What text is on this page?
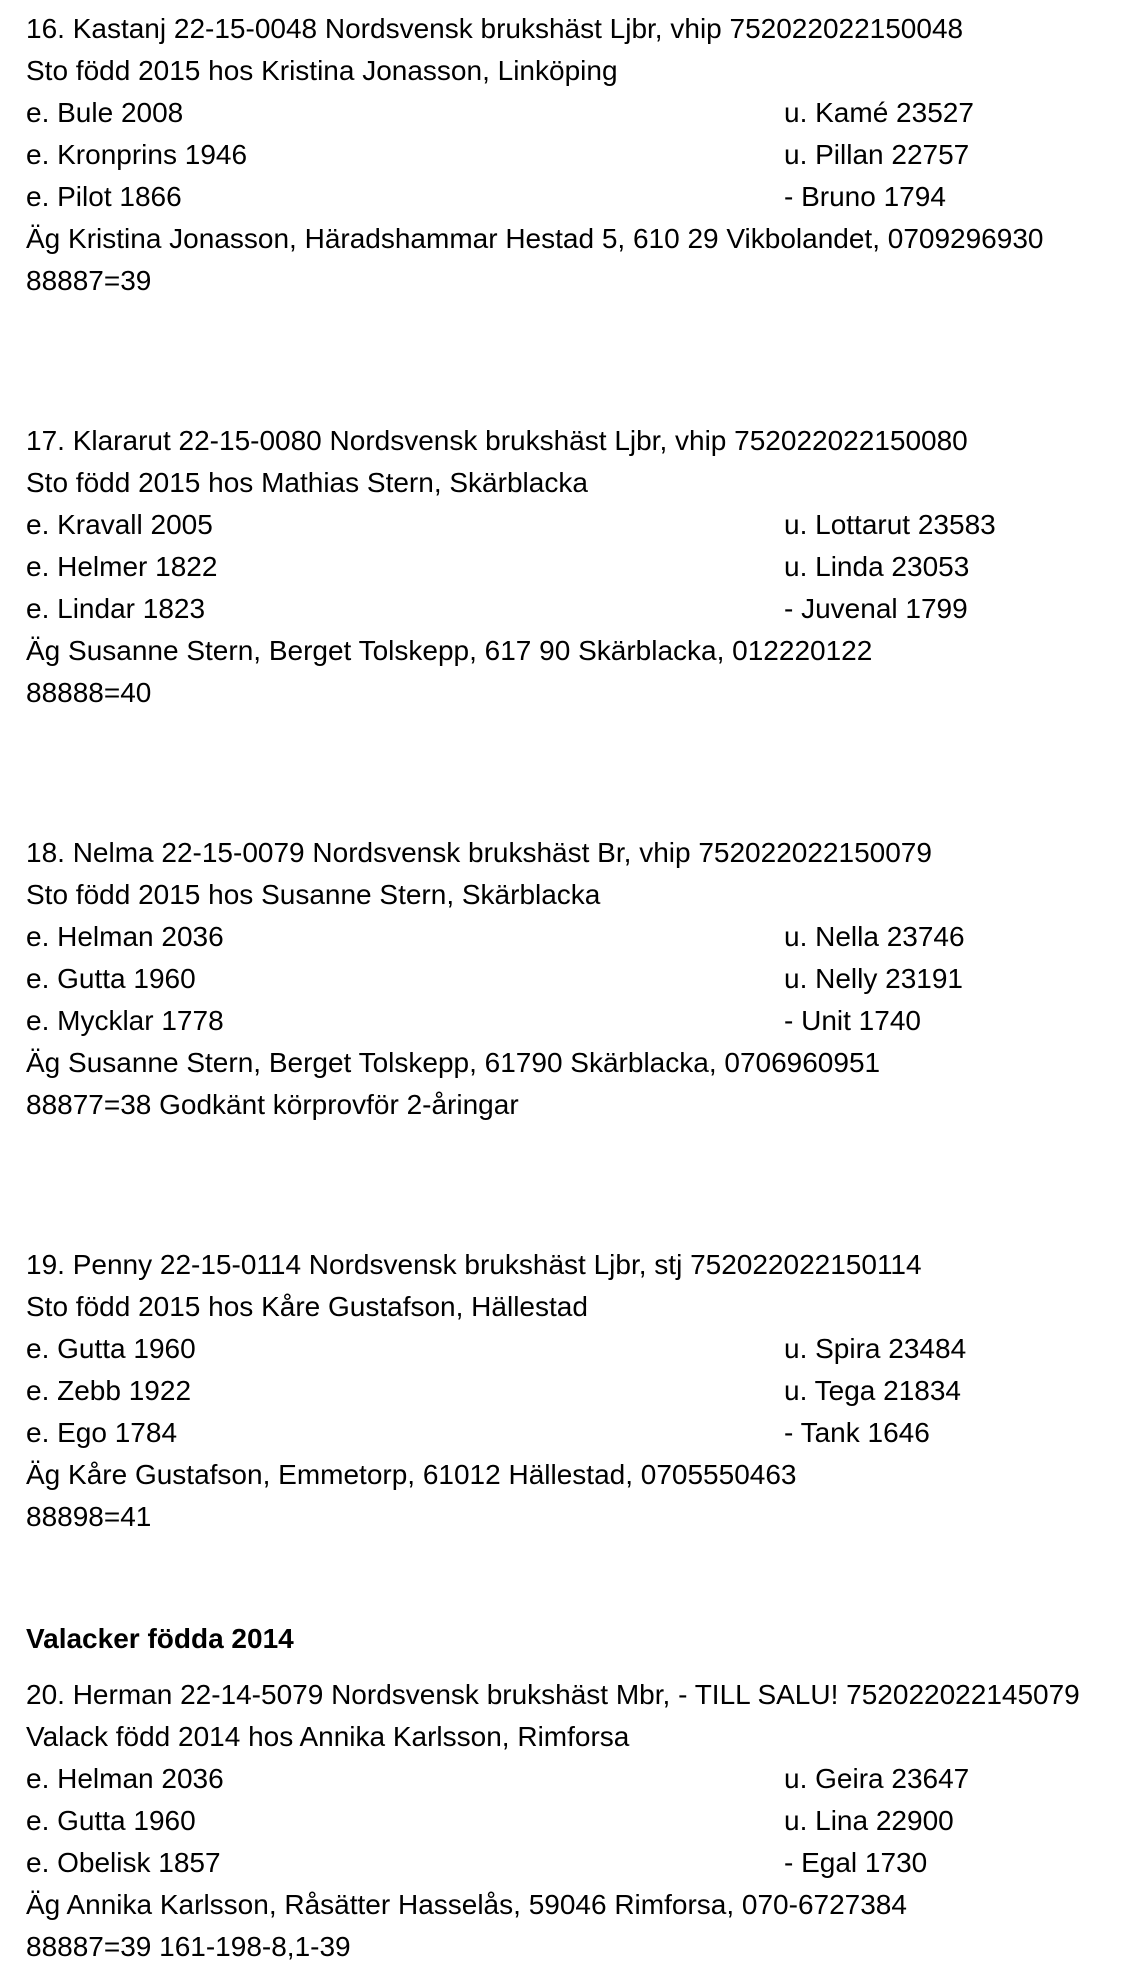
16. Kastanj 22-15-0048 Nordsvensk brukshäst Ljbr, vhip 752022022150048
Sto född 2015 hos Kristina Jonasson, Linköping
e. Bule 2008	u. Kamé 23527
e. Kronprins 1946	u. Pillan 22757
e. Pilot 1866	- Bruno 1794
Äg Kristina Jonasson, Häradshammar Hestad 5, 610 29 Vikbolandet, 0709296930
88887=39
17. Klararut 22-15-0080 Nordsvensk brukshäst Ljbr, vhip 752022022150080
Sto född 2015 hos Mathias Stern, Skärblacka
e. Kravall 2005	u. Lottarut 23583
e. Helmer 1822	u. Linda 23053
e. Lindar 1823	- Juvenal 1799
Äg Susanne Stern, Berget Tolskepp, 617 90 Skärblacka, 012220122
88888=40
18. Nelma 22-15-0079 Nordsvensk brukshäst Br, vhip 752022022150079
Sto född 2015 hos Susanne Stern, Skärblacka
e. Helman 2036	u. Nella 23746
e. Gutta 1960	u. Nelly 23191
e. Mycklar 1778	- Unit 1740
Äg Susanne Stern, Berget Tolskepp, 61790 Skärblacka, 0706960951
88877=38 Godkänt körprovför 2-åringar
19. Penny 22-15-0114 Nordsvensk brukshäst Ljbr, stj 752022022150114
Sto född 2015 hos Kåre Gustafson, Hällestad
e. Gutta 1960	u. Spira 23484
e. Zebb 1922	u. Tega 21834
e. Ego 1784	- Tank 1646
Äg Kåre Gustafson, Emmetorp, 61012 Hällestad, 0705550463
88898=41
Valacker födda 2014
20. Herman 22-14-5079 Nordsvensk brukshäst Mbr, - TILL SALU! 752022022145079
Valack född 2014 hos Annika Karlsson, Rimforsa
e. Helman 2036	u. Geira 23647
e. Gutta 1960	u. Lina 22900
e. Obelisk 1857	- Egal 1730
Äg Annika Karlsson, Råsätter Hasselås, 59046 Rimforsa, 070-6727384
88887=39 161-198-8,1-39
